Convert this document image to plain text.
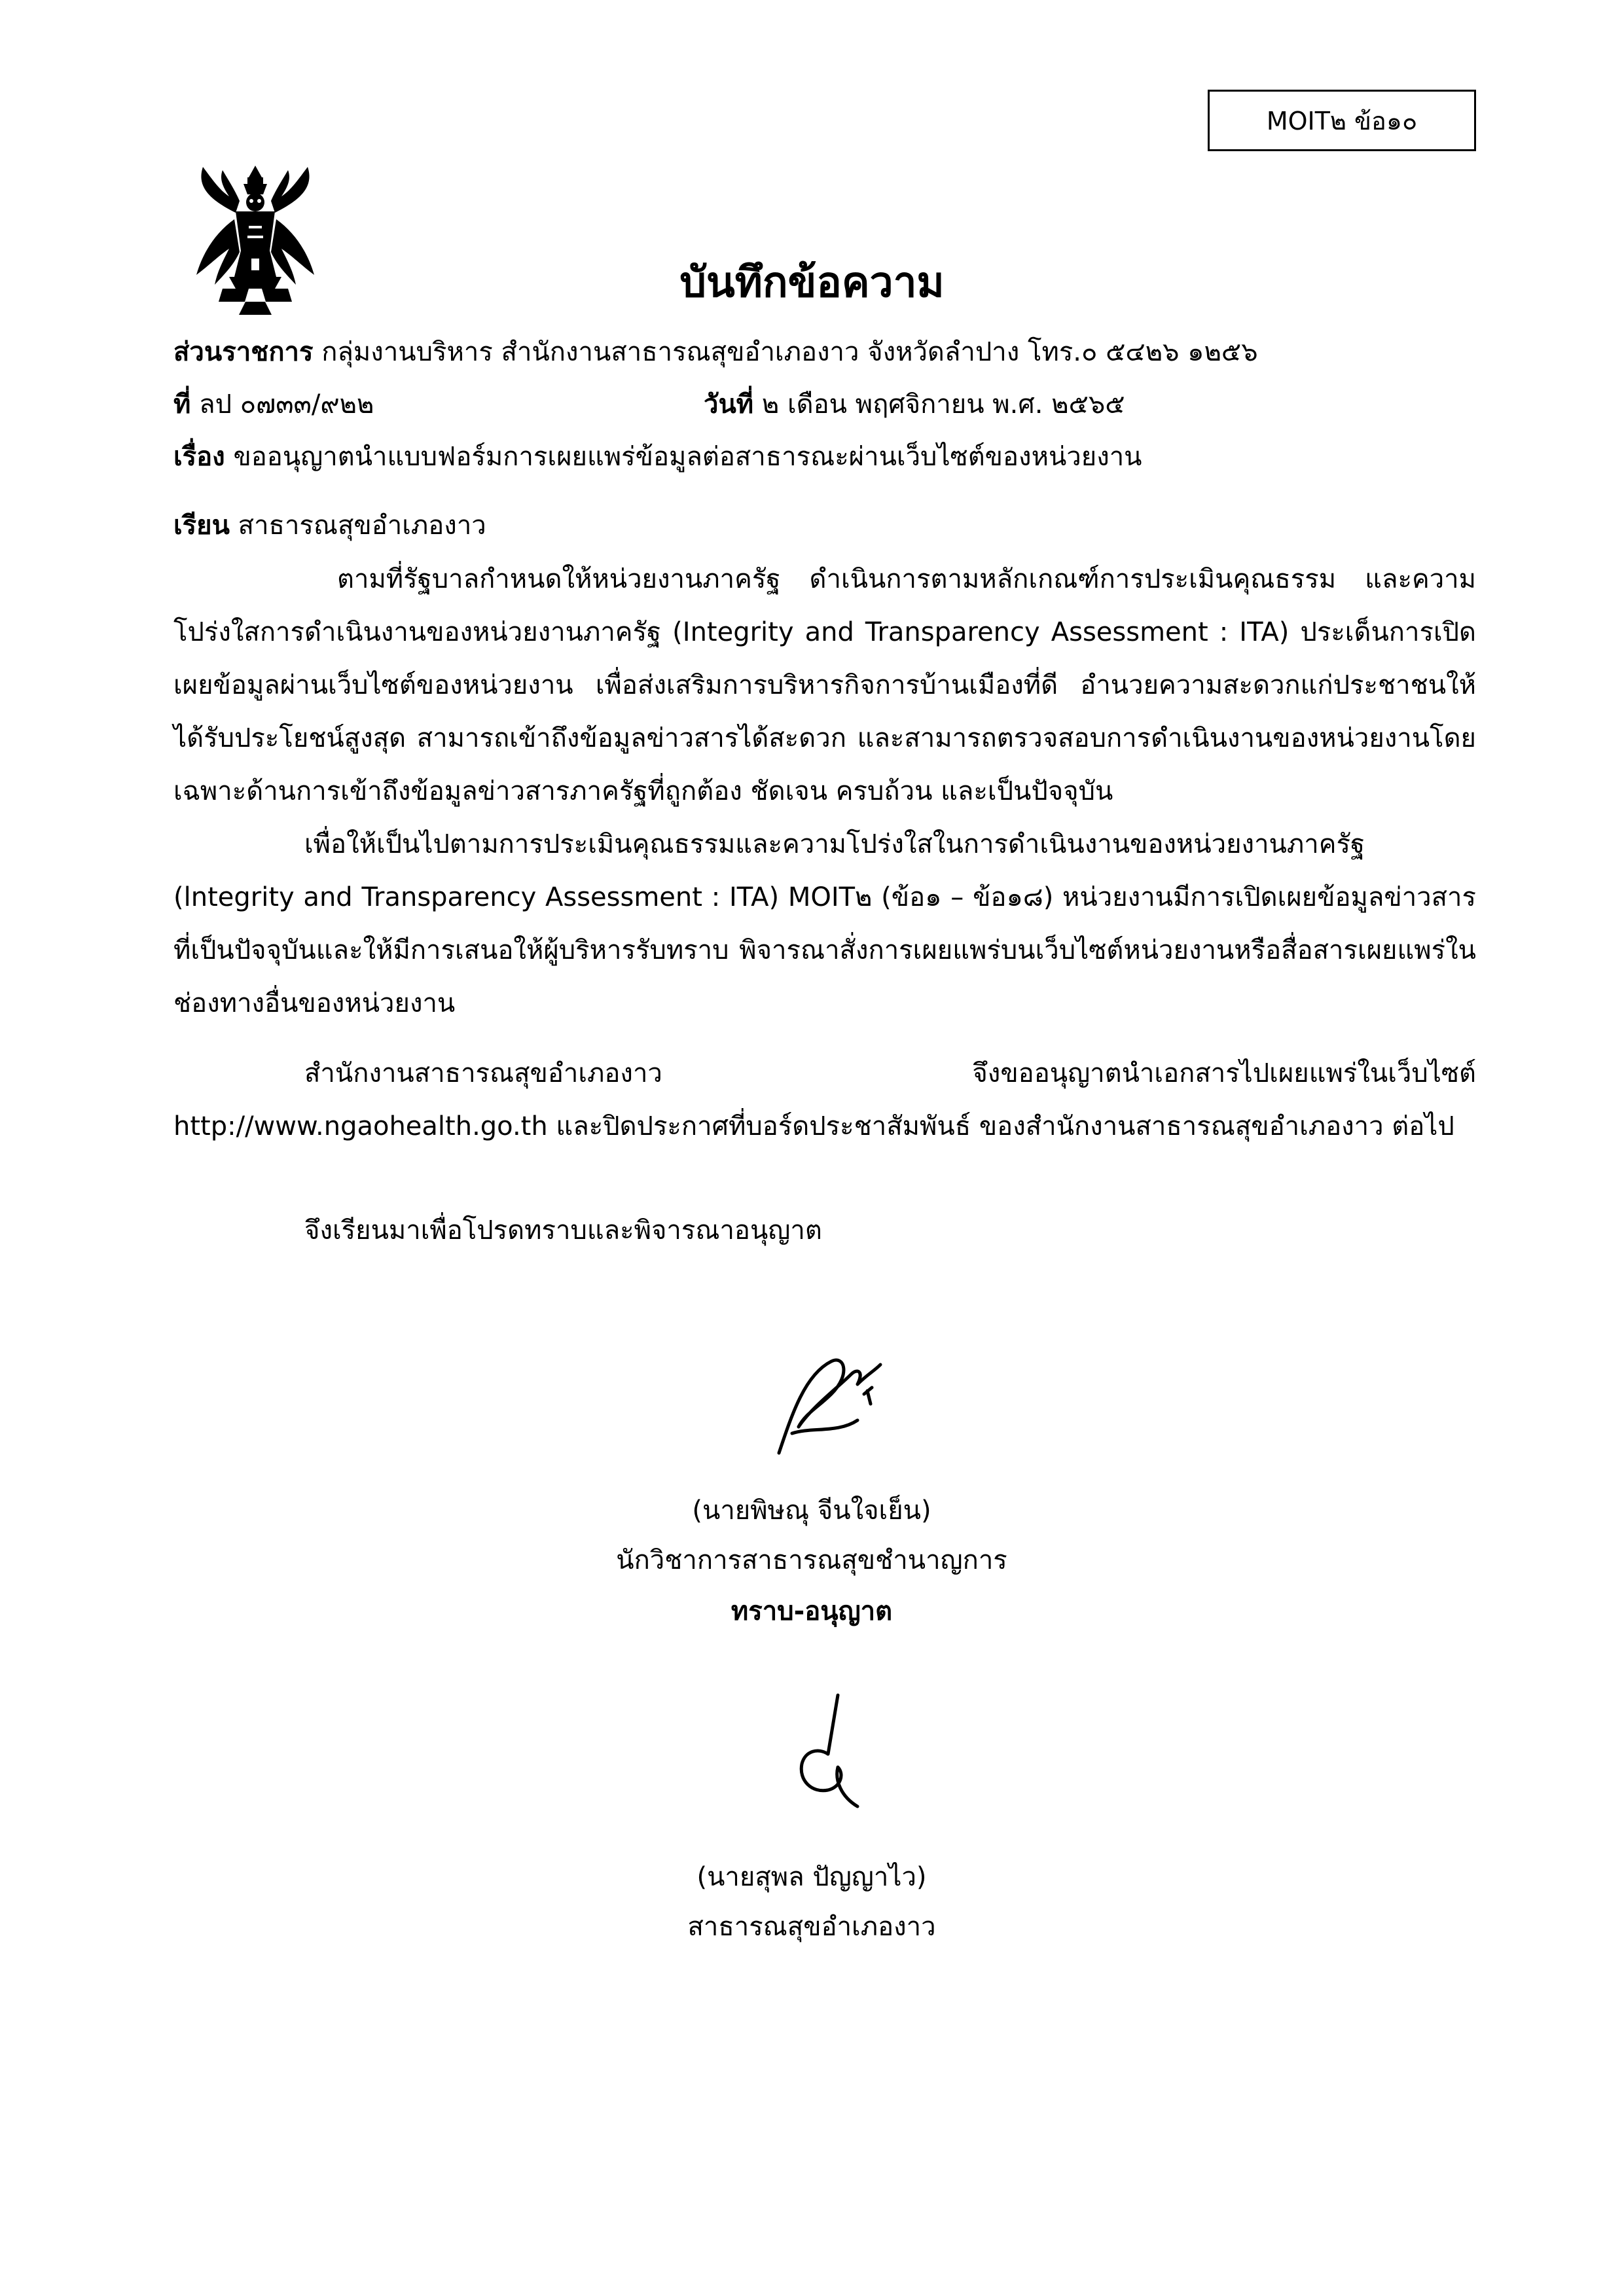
MOIT๒ ข้อ๑๐
บันทึกข้อความ
ส่วนราชการ กลุ่มงานบริหาร สำนักงานสาธารณสุขอำเภองาว จังหวัดลำปาง โทร.๐ ๕๔๒๖ ๑๒๕๖
ที่ ลป ๐๗๓๓/๙๒๒	วันที่ ๒ เดือน พฤศจิกายน พ.ศ. ๒๕๖๕
เรื่อง ขออนุญาตนำแบบฟอร์มการเผยแพร่ข้อมูลต่อสาธารณะผ่านเว็บไซต์ของหน่วยงาน
เรียน สาธารณสุขอำเภองาว
ตามที่รัฐบาลกำหนดให้หน่วยงานภาครัฐ ดำเนินการตามหลักเกณฑ์การประเมินคุณธรรม และความโปร่งใสการดำเนินงานของหน่วยงานภาครัฐ (Integrity and Transparency Assessment : ITA) ประเด็นการเปิดเผยข้อมูลผ่านเว็บไซต์ของหน่วยงาน เพื่อส่งเสริมการบริหารกิจการบ้านเมืองที่ดี อำนวยความสะดวกแก่ประชาชนให้ได้รับประโยชน์สูงสุด สามารถเข้าถึงข้อมูลข่าวสารได้สะดวก และสามารถตรวจสอบการดำเนินงานของหน่วยงานโดยเฉพาะด้านการเข้าถึงข้อมูลข่าวสารภาครัฐที่ถูกต้อง ชัดเจน ครบถ้วน และเป็นปัจจุบัน
เพื่อให้เป็นไปตามการประเมินคุณธรรมและความโปร่งใสในการดำเนินงานของหน่วยงานภาครัฐ (lntegrity and Transparency Assessment : ITA) MOIT๒ (ข้อ๑ – ข้อ๑๘) หน่วยงานมีการเปิดเผยข้อมูลข่าวสารที่เป็นปัจจุบันและให้มีการเสนอให้ผู้บริหารรับทราบ พิจารณาสั่งการเผยแพร่บนเว็บไซต์หน่วยงานหรือสื่อสารเผยแพร่ในช่องทางอื่นของหน่วยงาน
สำนักงานสาธารณสุขอำเภองาว จึงขออนุญาตนำเอกสารไปเผยแพร่ในเว็บไซต์ http://www.ngaohealth.go.th และปิดประกาศที่บอร์ดประชาสัมพันธ์ ของสำนักงานสาธารณสุขอำเภองาว ต่อไป
จึงเรียนมาเพื่อโปรดทราบและพิจารณาอนุญาต
(นายพิษณุ จีนใจเย็น)
นักวิชาการสาธารณสุขชำนาญการ
ทราบ-อนุญาต
(นายสุพล ปัญญาไว)
สาธารณสุขอำเภองาว
